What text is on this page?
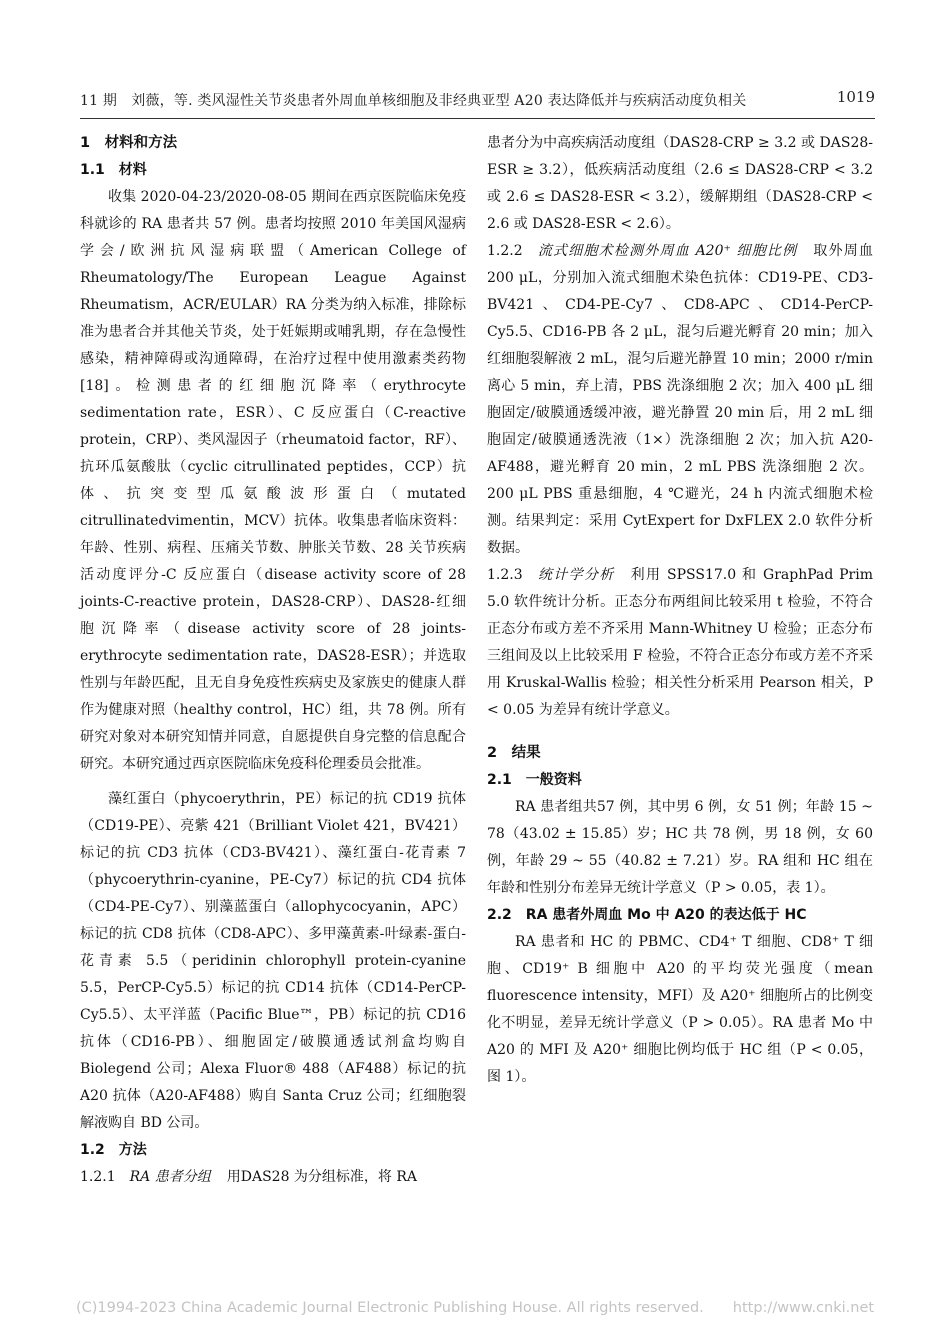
11 期　刘薇，等. 类风湿性关节炎患者外周血单核细胞及非经典亚型 A20 表达降低并与疾病活动度负相关	1019
1　材料和方法
1.1　材料

收集 2020-04-23/2020-08-05 期间在西京医院临床免疫科就诊的 RA 患者共 57 例。患者均按照 2010 年美国风湿病学会/欧洲抗风湿病联盟（American College of Rheumatology/The European League Against Rheumatism，ACR/EULAR）RA 分类为纳入标准，排除标准为患者合并其他关节炎，处于妊娠期或哺乳期，存在急慢性感染，精神障碍或沟通障碍，在治疗过程中使用激素类药物[18]。检测患者的红细胞沉降率（erythrocyte sedimentation rate，ESR）、C 反应蛋白（C-reactive protein，CRP）、类风湿因子（rheumatoid factor，RF）、抗环瓜氨酸肽（cyclic citrullinated peptides，CCP）抗体、抗突变型瓜氨酸波形蛋白（mutated citrullinatedvimentin，MCV）抗体。收集患者临床资料：年龄、性别、病程、压痛关节数、肿胀关节数、28 关节疾病活动度评分-C 反应蛋白（disease activity score of 28 joints-C-reactive protein，DAS28-CRP）、DAS28-红细胞沉降率（disease activity score of 28 joints-erythrocyte sedimentation rate，DAS28-ESR）；并选取性别与年龄匹配，且无自身免疫性疾病史及家族史的健康人群作为健康对照（healthy control，HC）组，共 78 例。所有研究对象对本研究知情并同意，自愿提供自身完整的信息配合研究。本研究通过西京医院临床免疫科伦理委员会批准。

藻红蛋白（phycoerythrin，PE）标记的抗 CD19 抗体（CD19-PE）、亮紫 421（Brilliant Violet 421，BV421）标记的抗 CD3 抗体（CD3-BV421）、藻红蛋白-花青素 7（phycoerythrin-cyanine，PE-Cy7）标记的抗 CD4 抗体（CD4-PE-Cy7）、别藻蓝蛋白（allophycocyanin，APC）标记的抗 CD8 抗体（CD8-APC）、多甲藻黄素-叶绿素-蛋白-花青素 5.5（peridinin chlorophyll protein-cyanine 5.5，PerCP-Cy5.5）标记的抗 CD14 抗体（CD14-PerCP-Cy5.5）、太平洋蓝（Pacific Blue™，PB）标记的抗 CD16 抗体（CD16-PB）、细胞固定/破膜通透试剂盒均购自 Biolegend 公司；Alexa Fluor® 488（AF488）标记的抗 A20 抗体（A20-AF488）购自 Santa Cruz 公司；红细胞裂解液购自 BD 公司。

1.2　方法

1.2.1 RA 患者分组 用DAS28 为分组标准，将 RA

患者分为中高疾病活动度组（DAS28-CRP ≥ 3.2 或 DAS28-ESR ≥ 3.2），低疾病活动度组（2.6 ≤ DAS28-CRP < 3.2 或 2.6 ≤ DAS28-ESR < 3.2），缓解期组（DAS28-CRP < 2.6 或 DAS28-ESR < 2.6）。

1.2.2 流式细胞术检测外周血 A20⁺ 细胞比例 取外周血 200 μL，分别加入流式细胞术染色抗体：CD19-PE、CD3-BV421、CD4-PE-Cy7、CD8-APC、CD14-PerCP-Cy5.5、CD16-PB 各 2 μL，混匀后避光孵育 20 min；加入红细胞裂解液 2 mL，混匀后避光静置 10 min；2000 r/min 离心 5 min，弃上清，PBS 洗涤细胞 2 次；加入 400 μL 细胞固定/破膜通透缓冲液，避光静置 20 min 后，用 2 mL 细胞固定/破膜通透洗液（1×）洗涤细胞 2 次；加入抗 A20-AF488，避光孵育 20 min，2 mL PBS 洗涤细胞 2 次。200 μL PBS 重悬细胞，4 ℃避光，24 h 内流式细胞术检测。结果判定：采用 CytExpert for DxFLEX 2.0 软件分析数据。

1.2.3 统计学分析 利用 SPSS17.0 和 GraphPad Prim 5.0 软件统计分析。正态分布两组间比较采用 t 检验，不符合正态分布或方差不齐采用 Mann-Whitney U 检验；正态分布三组间及以上比较采用 F 检验，不符合正态分布或方差不齐采用 Kruskal-Wallis 检验；相关性分析采用 Pearson 相关，P < 0.05 为差异有统计学意义。

2　结果
2.1　一般资料

RA 患者组共57 例，其中男 6 例，女 51 例；年龄 15 ~ 78（43.02 ± 15.85）岁；HC 共 78 例，男 18 例，女 60 例，年龄 29 ~ 55（40.82 ± 7.21）岁。RA 组和 HC 组在年龄和性别分布差异无统计学意义（P > 0.05，表 1）。

2.2　RA 患者外周血 Mo 中 A20 的表达低于 HC

RA 患者和 HC 的 PBMC、CD4⁺ T 细胞、CD8⁺ T 细胞、CD19⁺ B 细胞中 A20 的平均荧光强度（mean fluorescence intensity，MFI）及 A20⁺ 细胞所占的比例变化不明显，差异无统计学意义（P > 0.05）。RA 患者 Mo 中 A20 的 MFI 及 A20⁺ 细胞比例均低于 HC 组（P < 0.05，图 1）。

(C)1994-2023 China Academic Journal Electronic Publishing House. All rights reserved.　　http://www.cnki.net
